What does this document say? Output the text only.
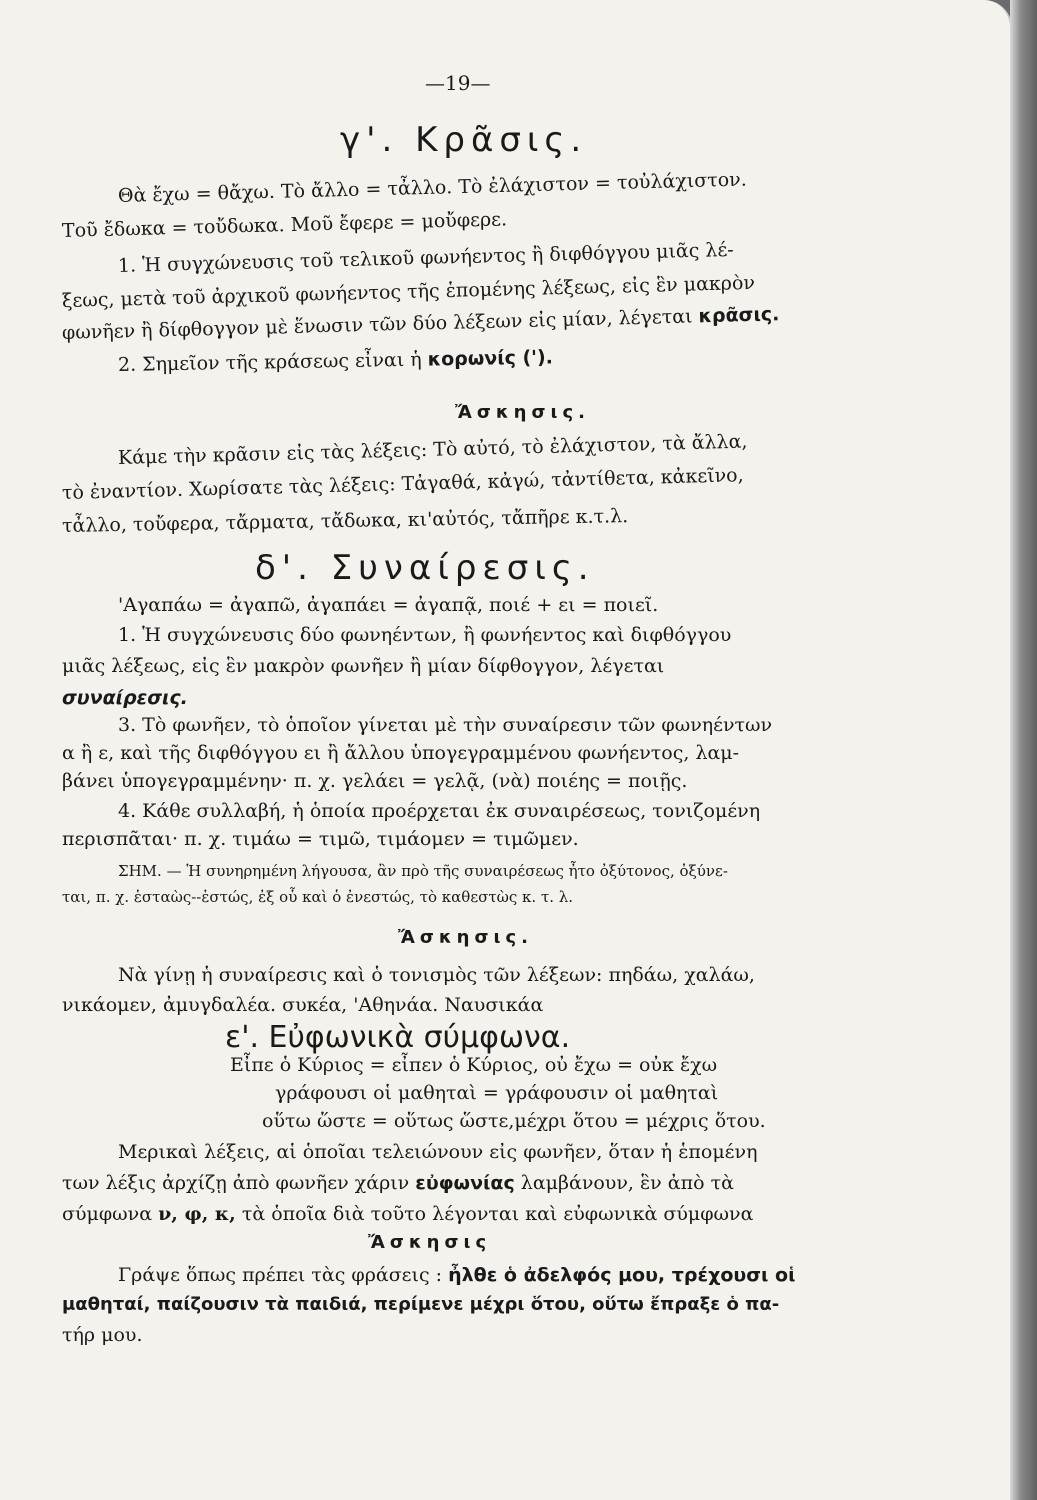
—19—
γ'. Κρᾶσις.
Θὰ ἔχω = θἄχω. Τὸ ἄλλο = τἆλλο. Τὸ ἐλάχιστον = τοὐλάχιστον.
Τοῦ ἔδωκα = τοὔδωκα. Μοῦ ἔφερε = μοὔφερε.
1. Ἡ συγχώνευσις τοῦ τελικοῦ φωνήεντος ἢ διφθόγγου μιᾶς λέ-
ξεως, μετὰ τοῦ ἀρχικοῦ φωνήεντος τῆς ἑπομένης λέξεως, εἰς ἓν μακρὸν
φωνῆεν ἢ δίφθογγον μὲ ἕνωσιν τῶν δύο λέξεων εἰς μίαν, λέγεται κρᾶσις.
2. Σημεῖον τῆς κράσεως εἶναι ἡ κορωνίς (').
Ἄσκησις.
Κάμε τὴν κρᾶσιν εἰς τὰς λέξεις: Τὸ αὐτό, τὸ ἐλάχιστον, τὰ ἄλλα,
τὸ ἐναντίον. Χωρίσατε τὰς λέξεις: Τἀγαθά, κἀγώ, τἀντίθετα, κἀκεῖνο,
τἆλλο, τοὔφερα, τἄρματα, τἄδωκα, κι'αὐτός, τἄπῆρε κ.τ.λ.
δ'. Συναίρεσις.
'Αγαπάω = ἀγαπῶ, ἀγαπάει = ἀγαπᾷ, ποιέ + ει = ποιεῖ.
1. Ἡ συγχώνευσις δύο φωνηέντων, ἢ φωνήεντος καὶ διφθόγγου
μιᾶς λέξεως, εἰς ἓν μακρὸν φωνῆεν ἢ μίαν δίφθογγον, λέγεται
συναίρεσις.
3. Τὸ φωνῆεν, τὸ ὁποῖον γίνεται μὲ τὴν συναίρεσιν τῶν φωνηέντων
α ἢ ε, καὶ τῆς διφθόγγου ει ἢ ἄλλου ὑπογεγραμμένου φωνήεντος, λαμ-
βάνει ὑπογεγραμμένην· π. χ. γελάει = γελᾷ, (νὰ) ποιέης = ποιῇς.
4. Κάθε συλλαβή, ἡ ὁποία προέρχεται ἐκ συναιρέσεως, τονιζομένη
περισπᾶται· π. χ. τιμάω = τιμῶ, τιμάομεν = τιμῶμεν.
ΣΗΜ. — Ἡ συνηρημένη λήγουσα, ἂν πρὸ τῆς συναιρέσεως ἦτο ὀξύτονος, ὀξύνε-
ται, π. χ. ἑσταὼς--ἑστώς, ἐξ οὗ καὶ ὁ ἐνεστώς, τὸ καθεστὼς κ. τ. λ.
Ἄσκησις.
Νὰ γίνῃ ἡ συναίρεσις καὶ ὁ τονισμὸς τῶν λέξεων: πηδάω, χαλάω,
νικάομεν, ἀμυγδαλέα. συκέα, 'Αθηνάα. Ναυσικάα
ε'. Εὐφωνικὰ σύμφωνα.
Εἶπε ὁ Κύριος = εἶπεν ὁ Κύριος, οὐ ἔχω = οὐκ ἔχω
γράφουσι οἱ μαθηταὶ = γράφουσιν οἱ μαθηταὶ
οὕτω ὥστε = οὕτως ὥστε,μέχρι ὅτου = μέχρις ὅτου.
Μερικαὶ λέξεις, αἱ ὁποῖαι τελειώνουν εἰς φωνῆεν, ὅταν ἡ ἑπομένη
των λέξις ἀρχίζῃ ἀπὸ φωνῆεν χάριν εὐφωνίας λαμβάνουν, ἓν ἀπὸ τὰ
σύμφωνα ν, φ, κ, τὰ ὁποῖα διὰ τοῦτο λέγονται καὶ εὐφωνικὰ σύμφωνα
Ἄσκησις
Γράψε ὅπως πρέπει τὰς φράσεις : ἦλθε ὁ ἀδελφός μου, τρέχουσι οἱ
μαθηταί, παίζουσιν τὰ παιδιά, περίμενε μέχρι ὅτου, οὕτω ἔπραξε ὁ πα-
τήρ μου.
